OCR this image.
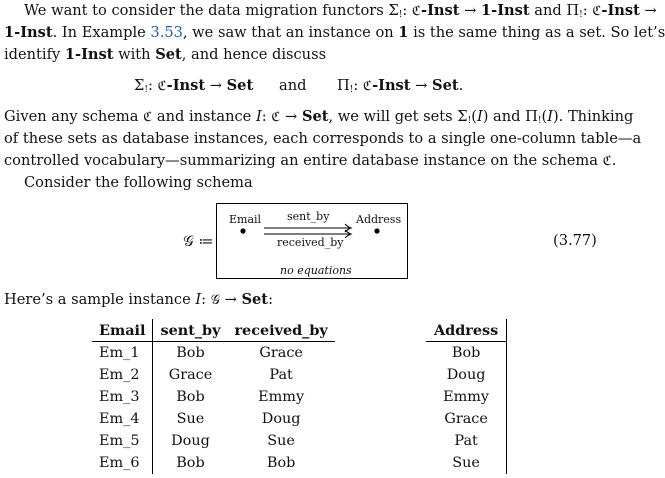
We want to consider the data migration functors $\Sigma_!$: ℭ-Inst → 1-Inst and $\Pi_!$: ℭ-Inst →
1-Inst. In Example 3.53, we saw that an instance on 1 is the same thing as a set. So let’s
identify 1-Inst with Set, and hence discuss
$\Sigma_!$: ℭ-Inst → Set and $\Pi_!$: ℭ-Inst → Set.
Given any schema ℭ and instance I: ℭ → Set, we will get sets $\Sigma_!(I)$ and $\Pi_!(I)$. Thinking
of these sets as database instances, each corresponds to a single one-column table—a
controlled vocabulary—summarizing an entire database instance on the schema ℭ.
Consider the following schema
𝒢 ≔
Email	Address
sent_by
received_by
no equations
(3.77)
Here’s a sample instance I: 𝒢 → Set:
Email	sent_by	received_by
Em_1	Bob	Grace
Em_2	Grace	Pat
Em_3	Bob	Emmy
Em_4	Sue	Doug
Em_5	Doug	Sue
Em_6	Bob	Bob
Address
Bob
Doug
Emmy
Grace
Pat
Sue
